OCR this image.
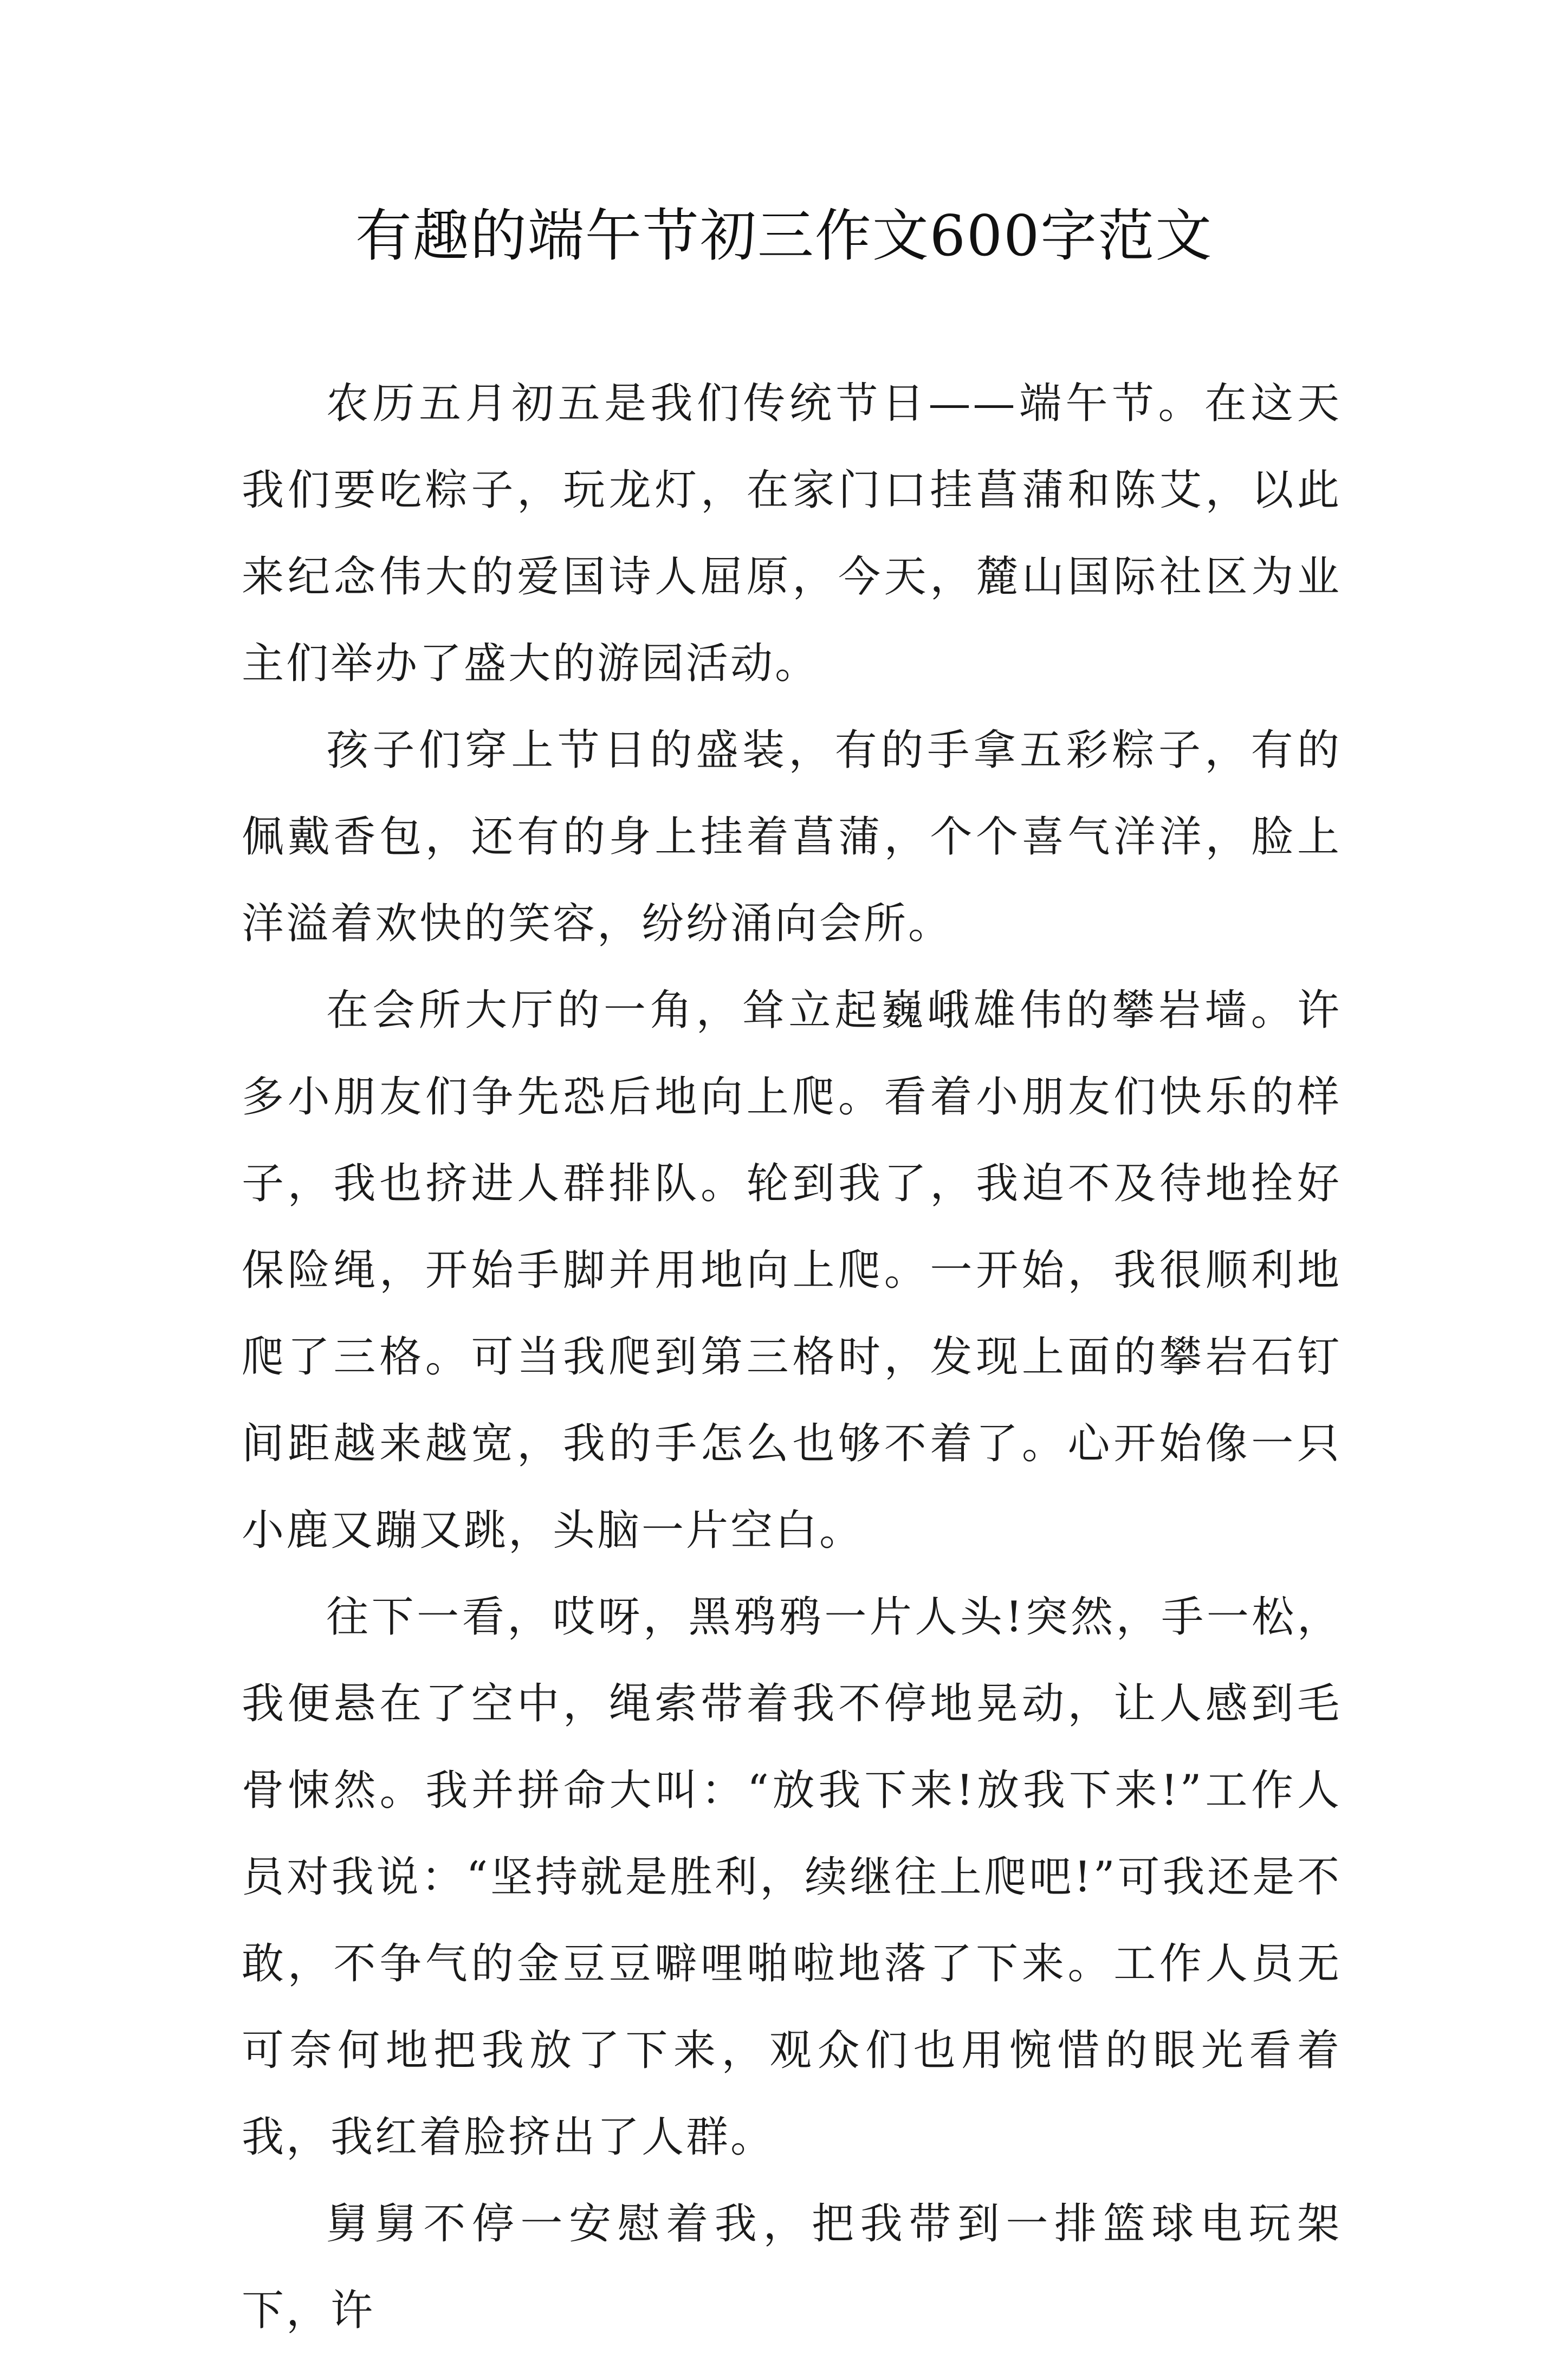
有趣的端午节初三作文600字范文

农历五月初五是我们传统节日——端午节。在这天我们要吃粽子，玩龙灯，在家门口挂菖蒲和陈艾，以此来纪念伟大的爱国诗人屈原，今天，麓山国际社区为业主们举办了盛大的游园活动。

孩子们穿上节日的盛装，有的手拿五彩粽子，有的佩戴香包，还有的身上挂着菖蒲，个个喜气洋洋，脸上洋溢着欢快的笑容，纷纷涌向会所。

在会所大厅的一角，耸立起巍峨雄伟的攀岩墙。许多小朋友们争先恐后地向上爬。看着小朋友们快乐的样子，我也挤进人群排队。轮到我了，我迫不及待地拴好保险绳，开始手脚并用地向上爬。一开始，我很顺利地爬了三格。可当我爬到第三格时，发现上面的攀岩石钉间距越来越宽，我的手怎么也够不着了。心开始像一只小鹿又蹦又跳，头脑一片空白。

往下一看，哎呀，黑鸦鸦一片人头!突然，手一松，我便悬在了空中，绳索带着我不停地晃动，让人感到毛骨悚然。我并拼命大叫：“放我下来!放我下来!”工作人员对我说：“坚持就是胜利，续继往上爬吧!”可我还是不敢，不争气的金豆豆噼哩啪啦地落了下来。工作人员无可奈何地把我放了下来，观众们也用惋惜的眼光看着我，我红着脸挤出了人群。

舅舅不停一安慰着我，把我带到一排篮球电玩架下，许
